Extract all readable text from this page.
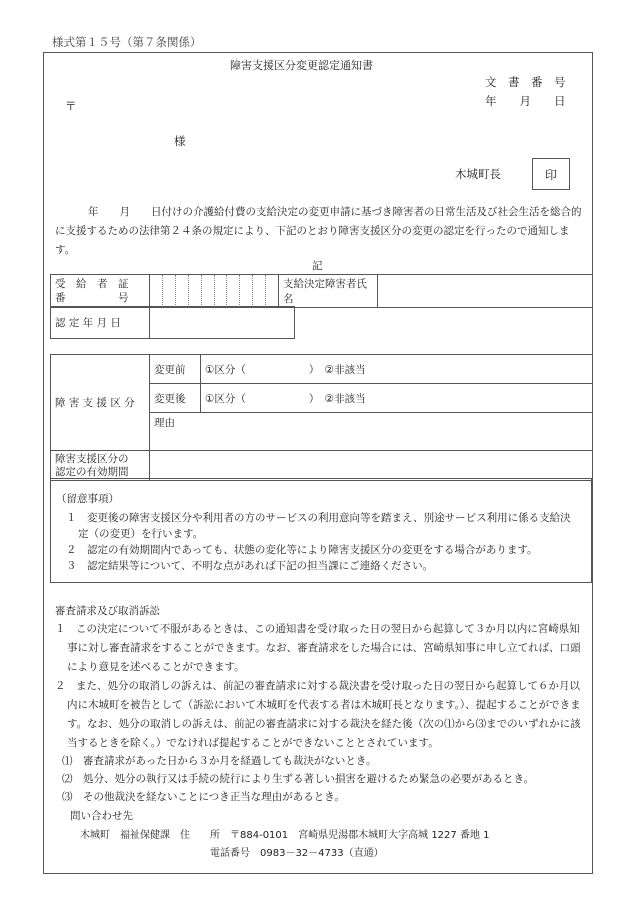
様式第１５号（第７条関係）
障害支援区分変更認定通知書
文　書　番　号
年　　月　　日
〒
様
木城町長	印
年　　月　　日付けの介護給付費の支給決定の変更申請に基づき障害者の日常生活及び社会生活を総合的に支援するための法律第２４条の規定により、下記のとおり障害支援区分の変更の認定を行ったので通知します。
記
受　給　者　証
番　　　　　号

	支給決定障害者氏名	
認 定 年 月 日	
障 害 支 援 区 分	変更前	①区分（　　　　　　）　②非該当
	変更後	①区分（　　　　　　）　②非該当
	理由	

障害支援区分の
認定の有効期間		

（留意事項）
１　変更後の障害支援区分や利用者の方のサービスの利用意向等を踏まえ、別途サービス利用に係る支給決
定（の変更）を行います。
２　認定の有効期間内であっても、状態の変化等により障害支援区分の変更をする場合があります。
３　認定結果等について、不明な点があれば下記の担当課にご連絡ください。
審査請求及び取消訴訟
１　この決定について不服があるときは、この通知書を受け取った日の翌日から起算して３か月以内に宮崎県知事に対し審査請求をすることができます。なお、審査請求をした場合には、宮崎県知事に申し立てれば、口頭により意見を述べることができます。
２　また、処分の取消しの訴えは、前記の審査請求に対する裁決書を受け取った日の翌日から起算して６か月以内に木城町を被告として（訴訟において木城町を代表する者は木城町長となります。）、提起することができます。なお、処分の取消しの訴えは、前記の審査請求に対する裁決を経た後（次の⑴から⑶までのいずれかに該当するときを除く。）でなければ提起することができないこととされています。
⑴　審査請求があった日から３か月を経過しても裁決がないとき。
⑵　処分、処分の執行又は手続の続行により生ずる著しい損害を避けるため緊急の必要があるとき。
⑶　その他裁決を経ないことにつき正当な理由があるとき。
問い合わせ先
木城町　福祉保健課　住　　所　〒884-0101　宮崎県児湯郡木城町大字高城 1227 番地 1
電話番号　0983－32－4733（直通）
